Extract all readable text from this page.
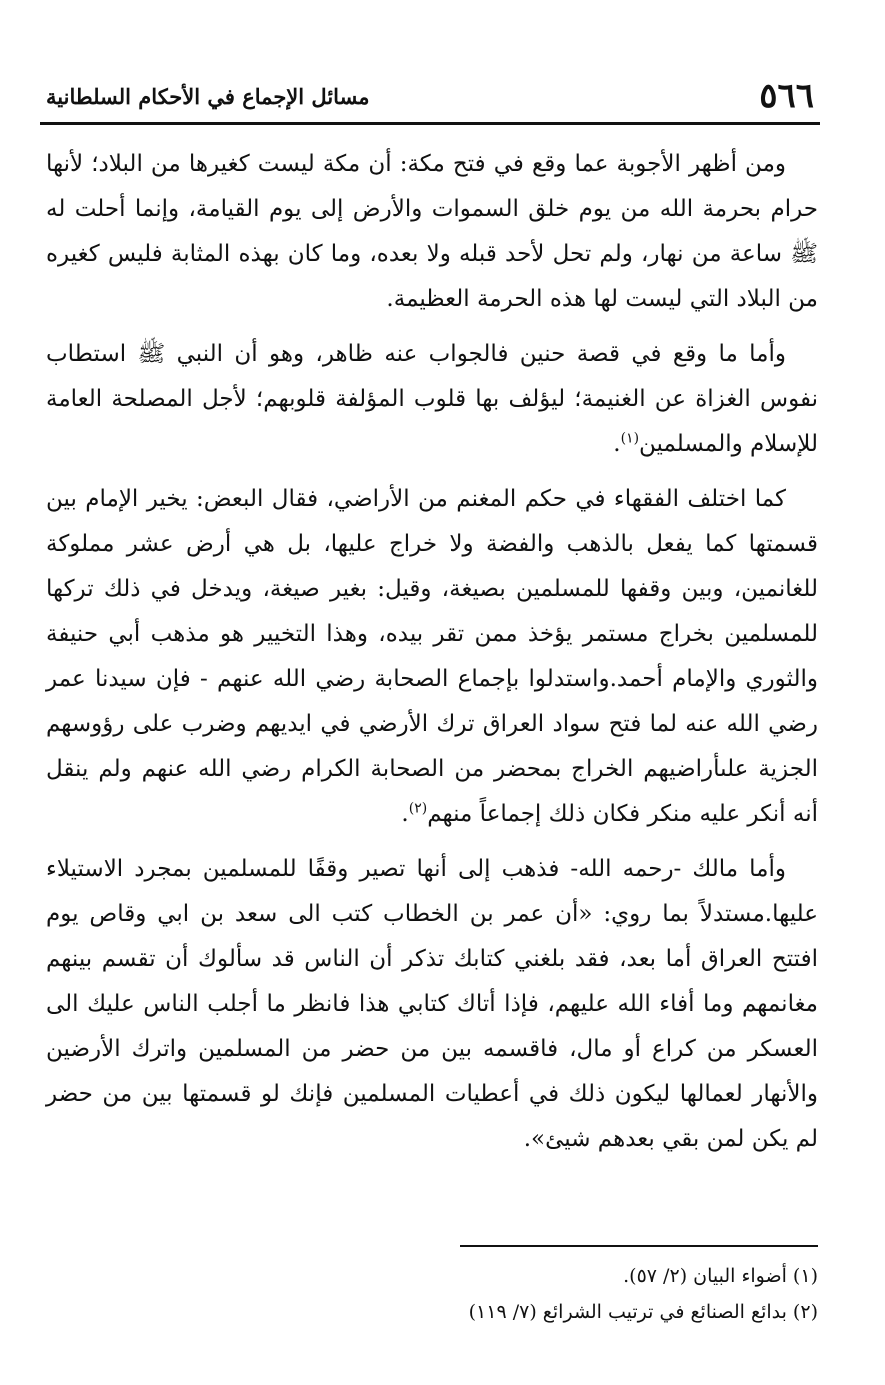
٥٦٦
مسائل الإجماع في الأحكام السلطانية

ومن أظهر الأجوبة عما وقع في فتح مكة: أن مكة ليست كغيرها من البلاد؛ لأنها حرام بحرمة الله من يوم خلق السموات والأرض إلى يوم القيامة، وإنما أحلت له ﷺ ساعة من نهار، ولم تحل لأحد قبله ولا بعده، وما كان بهذه المثابة فليس كغيره من البلاد التي ليست لها هذه الحرمة العظيمة.

وأما ما وقع في قصة حنين فالجواب عنه ظاهر، وهو أن النبي ﷺ استطاب نفوس الغزاة عن الغنيمة؛ ليؤلف بها قلوب المؤلفة قلوبهم؛ لأجل المصلحة العامة للإسلام والمسلمين$^{(١)}$.

كما اختلف الفقهاء في حكم المغنم من الأراضي، فقال البعض: يخير الإمام بين قسمتها كما يفعل بالذهب والفضة ولا خراج عليها، بل هي أرض عشر مملوكة للغانمين، وبين وقفها للمسلمين بصيغة، وقيل: بغير صيغة، ويدخل في ذلك تركها للمسلمين بخراج مستمر يؤخذ ممن تقر بيده، وهذا التخيير هو مذهب أبي حنيفة والثوري والإمام أحمد.واستدلوا بإجماع الصحابة رضي الله عنهم - فإن سيدنا عمر رضي الله عنه لما فتح سواد العراق ترك الأرضي في ايديهم وضرب على رؤوسهم الجزية علىأراضيهم الخراج بمحضر من الصحابة الكرام رضي الله عنهم ولم ينقل أنه أنكر عليه منكر فكان ذلك إجماعاً منهم$^{(٢)}$.

وأما مالك -رحمه الله- فذهب إلى أنها تصير وقفًا للمسلمين بمجرد الاستيلاء عليها.مستدلاً بما روي: «أن عمر بن الخطاب كتب الى سعد بن ابي وقاص يوم افتتح العراق أما بعد، فقد بلغني كتابك تذكر أن الناس قد سألوك أن تقسم بينهم مغانمهم وما أفاء الله عليهم، فإذا أتاك كتابي هذا فانظر ما أجلب الناس عليك الى العسكر من كراع أو مال، فاقسمه بين من حضر من المسلمين واترك الأرضين والأنهار لعمالها ليكون ذلك في أعطيات المسلمين فإنك لو قسمتها بين من حضر لم يكن لمن بقي بعدهم شيئ».

(١) أضواء البيان (٢/ ٥٧).

(٢) بدائع الصنائع في ترتيب الشرائع (٧/ ١١٩)
